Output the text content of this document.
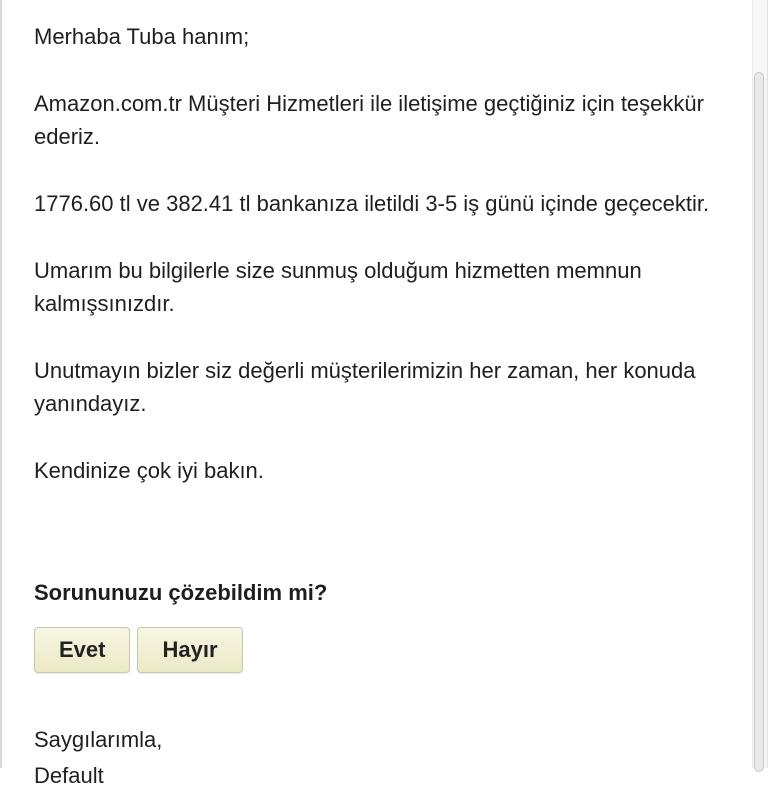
Merhaba Tuba hanım;

Amazon.com.tr Müşteri Hizmetleri ile iletişime geçtiğiniz için teşekkür ederiz.

1776.60 tl ve 382.41 tl bankanıza iletildi 3-5 iş günü içinde geçecektir.

Umarım bu bilgilerle size sunmuş olduğum hizmetten memnun kalmışsınızdır.

Unutmayın bizler siz değerli müşterilerimizin her zaman, her konuda yanındayız.

Kendinize çok iyi bakın.

Sorununuzu çözebildim mi?
Evet	Hayır
Saygılarımla,
Default
